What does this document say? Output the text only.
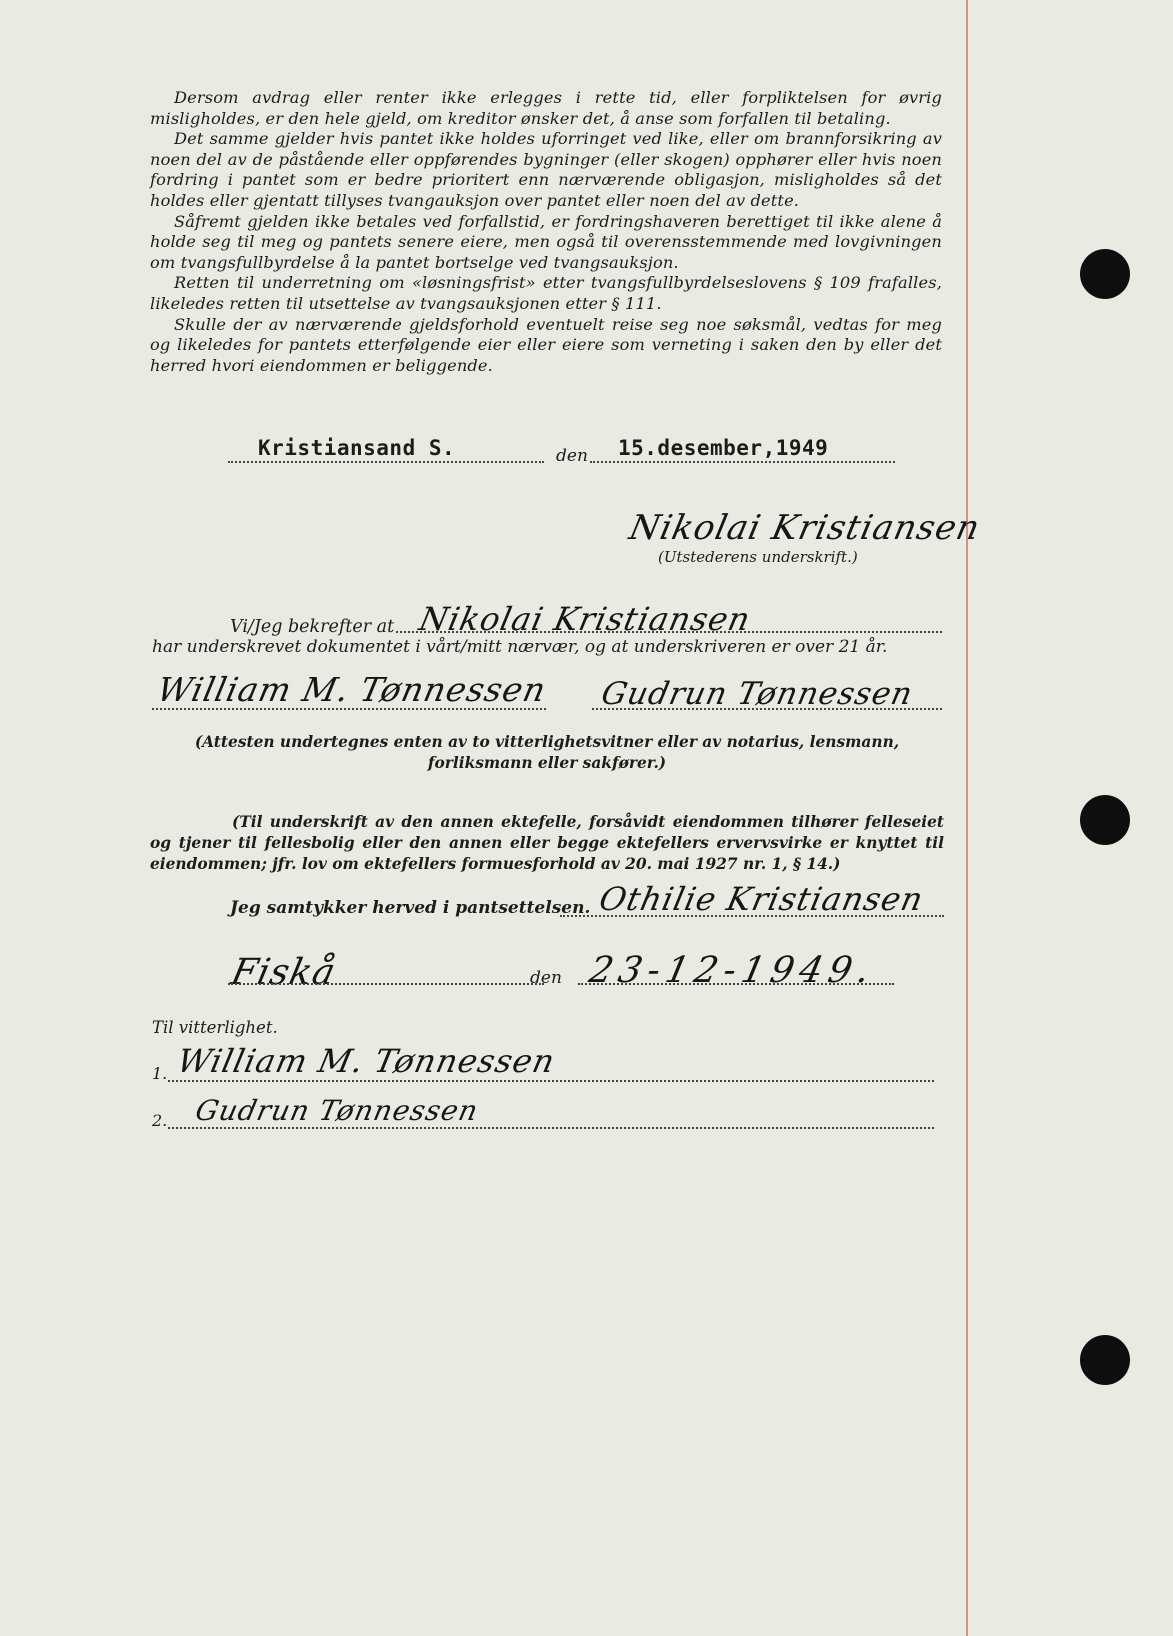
Dersom avdrag eller renter ikke erlegges i rette tid, eller forpliktelsen for øvrig misligholdes, er den hele gjeld, om kreditor ønsker det, å anse som forfallen til betaling.

Det samme gjelder hvis pantet ikke holdes uforringet ved like, eller om brannforsikring av noen del av de påstående eller oppførendes bygninger (eller skogen) opphører eller hvis noen fordring i pantet som er bedre prioritert enn nærværende obligasjon, misligholdes så det holdes eller gjentatt tillyses tvangauksjon over pantet eller noen del av dette.

Såfremt gjelden ikke betales ved forfallstid, er fordringshaveren berettiget til ikke alene å holde seg til meg og pantets senere eiere, men også til overensstemmende med lovgivningen om tvangsfullbyrdelse å la pantet bortselge ved tvangsauksjon.

Retten til underretning om «løsningsfrist» etter tvangsfullbyrdelseslovens § 109 frafalles, likeledes retten til utsettelse av tvangsauksjonen etter § 111.

Skulle der av nærværende gjeldsforhold eventuelt reise seg noe søksmål, vedtas for meg og likeledes for pantets etterfølgende eier eller eiere som verneting i saken den by eller det herred hvori eiendommen er beliggende.

Kristiansand S.	den 15.desember,1949
Nikolai Kristiansen
(Utstederens underskrift.)
Vi/Jeg bekrefter at Nikolai Kristiansen
har underskrevet dokumentet i vårt/mitt nærvær, og at underskriveren er over 21 år.
William M. Tønnessen Gudrun Tønnessen
(Attesten undertegnes enten av to vitterlighetsvitner eller av notarius, lensmann, forliksmann eller sakfører.)
(Til underskrift av den annen ektefelle, forsåvidt eiendommen tilhører felleseiet og tjener til fellesbolig eller den annen eller begge ektefellers ervervsvirke er knyttet til eiendommen; jfr. lov om ektefellers formuesforhold av 20. mai 1927 nr. 1, § 14.)
Jeg samtykker herved i pantsettelsen. Othilie Kristiansen
Fiskå	den 23-12-1949.
Til vitterlighet.
1. William M. Tønnessen
2. Gudrun Tønnessen
